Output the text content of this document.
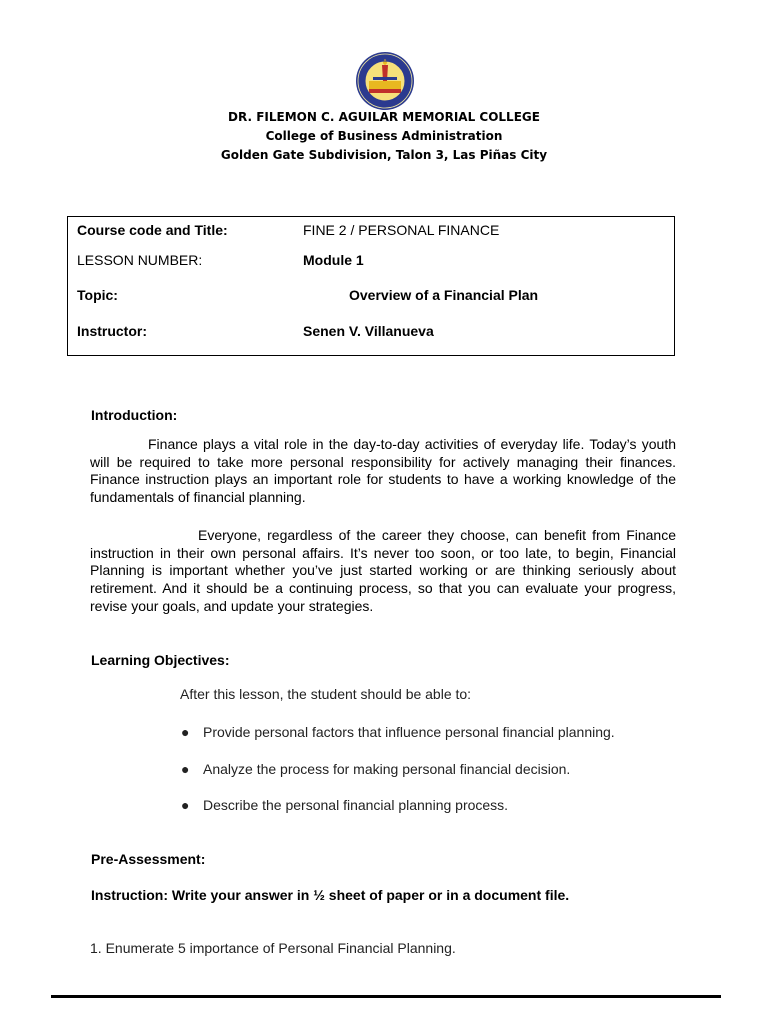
DR. FILEMON C. AGUILAR MEMORIAL COLLEGE
College of Business Administration
Golden Gate Subdivision, Talon 3, Las Piñas City
Course code and Title:	FINE 2 / PERSONAL FINANCE
LESSON NUMBER:	Module 1
Topic:	Overview of a Financial Plan
Instructor:	Senen V. Villanueva
Introduction:

Finance plays a vital role in the day-to-day activities of everyday life. Today’s youth will be required to take more personal responsibility for actively managing their finances. Finance instruction plays an important role for students to have a working knowledge of the fundamentals of financial planning.

Everyone, regardless of the career they choose, can benefit from Finance instruction in their own personal affairs. It’s never too soon, or too late, to begin, Financial Planning is important whether you’ve just started working or are thinking seriously about retirement. And it should be a continuing process, so that you can evaluate your progress, revise your goals, and update your strategies.

Learning Objectives:
After this lesson, the student should be able to:
● Provide personal factors that influence personal financial planning.
● Analyze the process for making personal financial decision.
● Describe the personal financial planning process.
Pre-Assessment:
Instruction: Write your answer in ½ sheet of paper or in a document file.
1. Enumerate 5 importance of Personal Financial Planning.
